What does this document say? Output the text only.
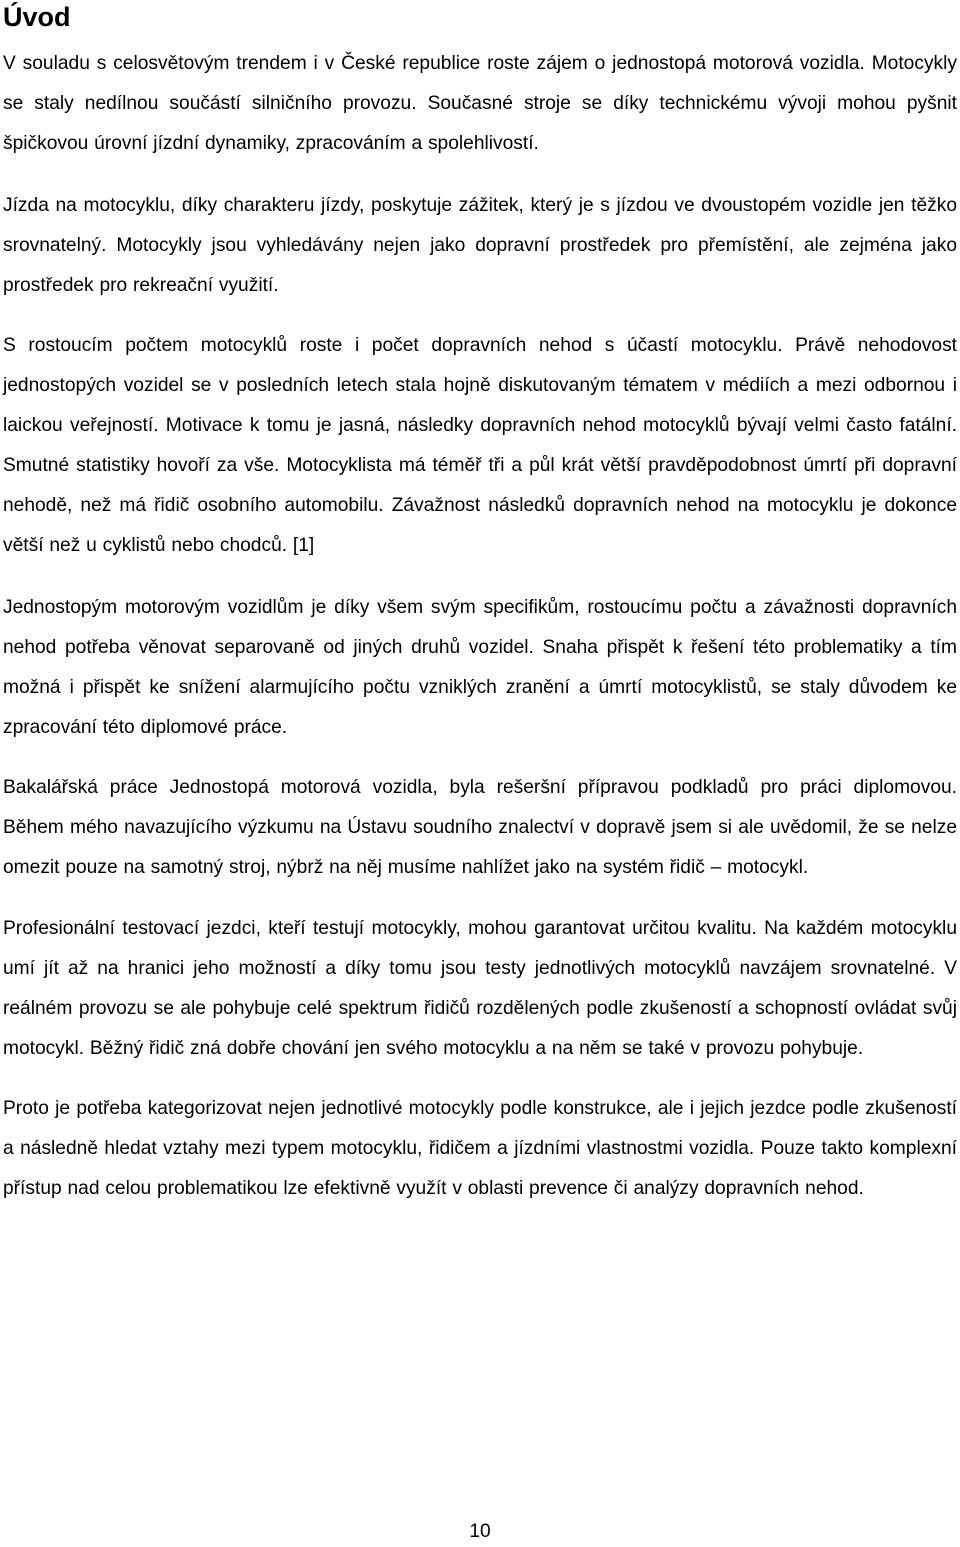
Úvod

V souladu s celosvětovým trendem i v České republice roste zájem o jednostopá motorová vozidla. Motocykly se staly nedílnou součástí silničního provozu. Současné stroje se díky technickému vývoji mohou pyšnit špičkovou úrovní jízdní dynamiky, zpracováním a spolehlivostí.

Jízda na motocyklu, díky charakteru jízdy, poskytuje zážitek, který je s jízdou ve dvoustopém vozidle jen těžko srovnatelný. Motocykly jsou vyhledávány nejen jako dopravní prostředek pro přemístění, ale zejména jako prostředek pro rekreační využití.

S rostoucím počtem motocyklů roste i počet dopravních nehod s účastí motocyklu. Právě nehodovost jednostopých vozidel se v posledních letech stala hojně diskutovaným tématem v médiích a mezi odbornou i laickou veřejností. Motivace k tomu je jasná, následky dopravních nehod motocyklů bývají velmi často fatální. Smutné statistiky hovoří za vše. Motocyklista má téměř tři a půl krát větší pravděpodobnost úmrtí při dopravní nehodě, než má řidič osobního automobilu. Závažnost následků dopravních nehod na motocyklu je dokonce větší než u cyklistů nebo chodců. [1]

Jednostopým motorovým vozidlům je díky všem svým specifikům, rostoucímu počtu a závažnosti dopravních nehod potřeba věnovat separovaně od jiných druhů vozidel. Snaha přispět k řešení této problematiky a tím možná i přispět ke snížení alarmujícího počtu vzniklých zranění a úmrtí motocyklistů, se staly důvodem ke zpracování této diplomové práce.

Bakalářská práce Jednostopá motorová vozidla, byla rešeršní přípravou podkladů pro práci diplomovou. Během mého navazujícího výzkumu na Ústavu soudního znalectví v dopravě jsem si ale uvědomil, že se nelze omezit pouze na samotný stroj, nýbrž na něj musíme nahlížet jako na systém řidič – motocykl.

Profesionální testovací jezdci, kteří testují motocykly, mohou garantovat určitou kvalitu. Na každém motocyklu umí jít až na hranici jeho možností a díky tomu jsou testy jednotlivých motocyklů navzájem srovnatelné. V reálném provozu se ale pohybuje celé spektrum řidičů rozdělených podle zkušeností a schopností ovládat svůj motocykl. Běžný řidič zná dobře chování jen svého motocyklu a na něm se také v provozu pohybuje.

Proto je potřeba kategorizovat nejen jednotlivé motocykly podle konstrukce, ale i jejich jezdce podle zkušeností a následně hledat vztahy mezi typem motocyklu, řidičem a jízdními vlastnostmi vozidla. Pouze takto komplexní přístup nad celou problematikou lze efektivně využít v oblasti prevence či analýzy dopravních nehod.

10
